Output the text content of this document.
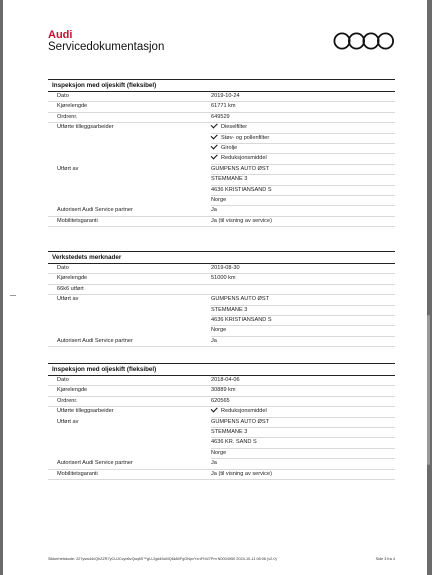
Audi
Servicedokumentasjon
Inspeksjon med oljeskift (fleksibel)
Dato	2019-10-24
Kjørelengde	61771 km
Ordrenr.	649529
Utførte tilleggsarbeider	Dieselfilter
Støv- og pollenfilter
Girolje
Reduksjonsmiddel
Utført av	GUMPENS AUTO ØST
STEMMANE 3
4636 KRISTIANSAND S
Norge
Autorisert Audi Service partner	Ja
Mobilitetsgaranti	Ja (til visning av service)
Verkstedets merknader
Dato	2019-08-30
Kjørelengde	51000 km
66k6 utført
Utført av	GUMPENS AUTO ØST
STEMMANE 3
4636 KRISTIANSAND S
Norge
Autorisert Audi Service partner	Ja
Inspeksjon med oljeskift (fleksibel)
Dato	2018-04-06
Kjørelengde	30889 km
Ordrenr.	620565
Utførte tilleggsarbeider	Reduksjonsmiddel
Utført av	GUMPENS AUTO ØST
STEMMANE 3
4636 KR. SAND S
Norge
Autorisert Audi Service partner	Ja
Mobilitetsgaranti	Ja (til visning av service)
Sikkerhetskode: 227ysw44xQhZZR7yCUJCcyb6vQcq8S™gU-2gd45cMQ6k80FgONpxYxnFH4/7Pm N0004950 2024-10-11 08:06 (v2.0)	Side 3 fra 4
